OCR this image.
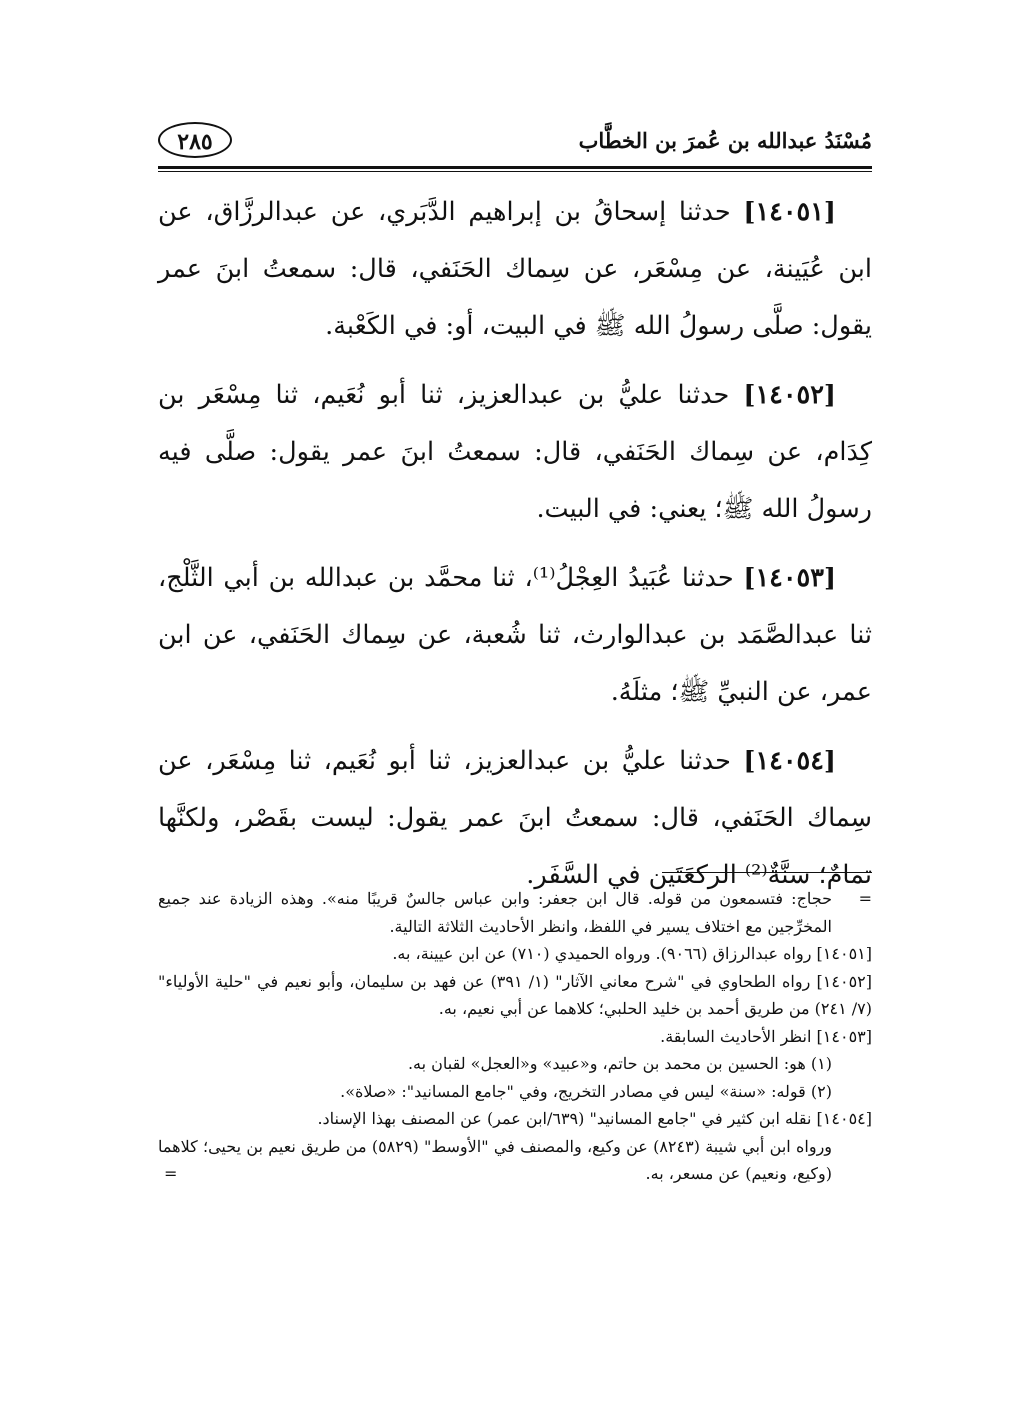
مُسْنَدُ عبدالله بن عُمرَ بن الخطَّاب
٢٨٥

[١٤٠٥١] حدثنا إسحاقُ بن إبراهيم الدَّبَري، عن عبدالرزَّاق، عن ابن عُيَينة، عن مِسْعَر، عن سِماك الحَنَفي، قال: سمعتُ ابنَ عمر يقول: صلَّى رسولُ الله ﷺ في البيت، أو: في الكَعْبة.

[١٤٠٥٢] حدثنا عليُّ بن عبدالعزيز، ثنا أبو نُعَيم، ثنا مِسْعَر بن كِدَام، عن سِماك الحَنَفي، قال: سمعتُ ابنَ عمر يقول: صلَّى فيه رسولُ الله ﷺ؛ يعني: في البيت.

[١٤٠٥٣] حدثنا عُبَيدُ العِجْلُ⁽¹⁾، ثنا محمَّد بن عبدالله بن أبي الثَّلْج، ثنا عبدالصَّمَد بن عبدالوارث، ثنا شُعبة، عن سِماك الحَنَفي، عن ابن عمر، عن النبيِّ ﷺ؛ مثلَهُ.

[١٤٠٥٤] حدثنا عليُّ بن عبدالعزيز، ثنا أبو نُعَيم، ثنا مِسْعَر، عن سِماك الحَنَفي، قال: سمعتُ ابنَ عمر يقول: ليست بقَصْر، ولكنَّها تمامٌ؛ سنَّةٌ⁽²⁾ الركعَتَين في السَّفَر.

=
حجاج: فتسمعون من قوله. قال ابن جعفر: وابن عباس جالسٌ قريبًا منه». وهذه الزيادة عند جميع المخرِّجين مع اختلاف يسير في اللفظ، وانظر الأحاديث الثلاثة التالية.

[١٤٠٥١] رواه عبدالرزاق (٩٠٦٦). ورواه الحميدي (٧١٠) عن ابن عيينة، به.

[١٤٠٥٢] رواه الطحاوي في "شرح معاني الآثار" (١/ ٣٩١) عن فهد بن سليمان، وأبو نعيم في "حلية الأولياء" (٧/ ٢٤١) من طريق أحمد بن خليد الحلبي؛ كلاهما عن أبي نعيم، به.

[١٤٠٥٣] انظر الأحاديث السابقة.

(١) هو: الحسين بن محمد بن حاتم، و«عبيد» و«العجل» لقبان به.

(٢) قوله: «سنة» ليس في مصادر التخريج، وفي "جامع المسانيد": «صلاة».

[١٤٠٥٤] نقله ابن كثير في "جامع المسانيد" (٦٣٩/ابن عمر) عن المصنف بهذا الإسناد.

ورواه ابن أبي شيبة (٨٢٤٣) عن وكيع، والمصنف في "الأوسط" (٥٨٢٩) من طريق نعيم بن يحيى؛ كلاهما (وكيع، ونعيم) عن مسعر، به.
=
